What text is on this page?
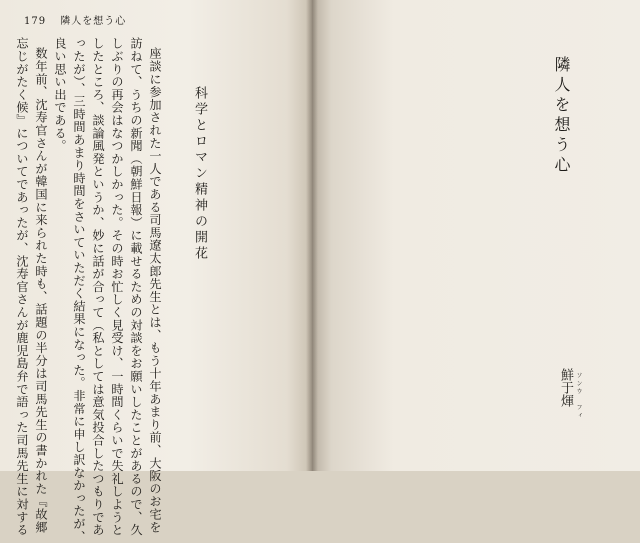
179 隣人を想う心
科学とロマン精神の開花
座談に参加された一人である司馬遼太郎先生とは、もう十年あまり前、大阪のお宅を
訪ねて、うちの新聞（朝鮮日報）に載せるための対談をお願いしたことがあるので、久
しぶりの再会はなつかしかった。その時お忙しく見受け、一時間くらいで失礼しようと
したところ、談論風発というか、妙に話が合って（私としては意気投合したつもりであ
ったが）、三時間あまり時間をさいていただく結果になった。非常に申し訳なかったが、
良い思い出である。
数年前、沈寿官さんが韓国に来られた時も、話題の半分は司馬先生の書かれた『故郷
忘じがたく候』についてであったが、沈寿官さんが鹿児島弁で語った司馬先生に対する	隣人を想う心
鮮于煇 ソンウ　フィ
